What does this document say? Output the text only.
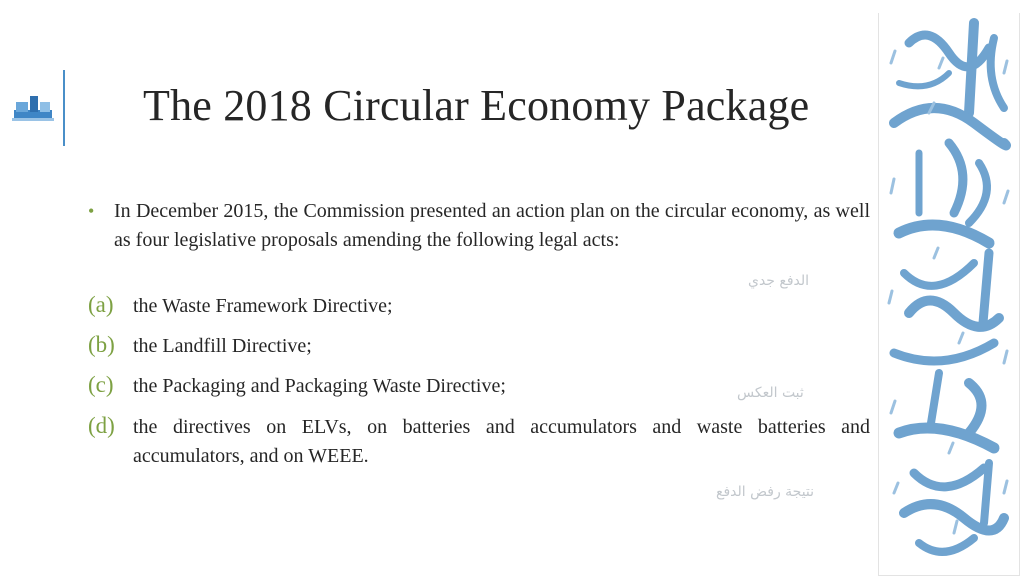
The 2018 Circular Economy Package
• In December 2015, the Commission presented an action plan on the circular economy, as well as four legislative proposals amending the following legal acts:
(a) the Waste Framework Directive;
(b) the Landfill Directive;
(c) the Packaging and Packaging Waste Directive;
(d) the directives on ELVs, on batteries and accumulators and waste batteries and accumulators, and on WEEE.
الدفع جدي
ثبت العكس
نتيجة رفض الدفع
